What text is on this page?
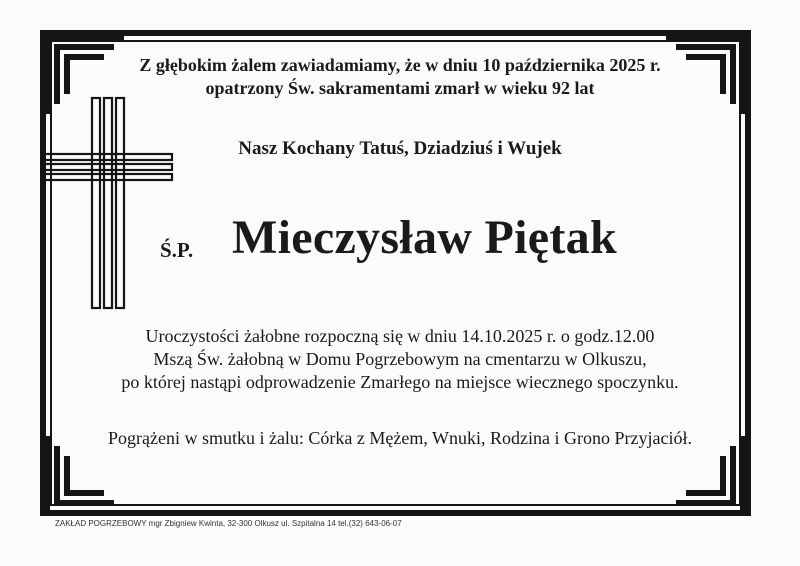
Z głębokim żalem zawiadamiamy, że w dniu 10 października 2025 r.
opatrzony Św. sakramentami zmarł w wieku 92 lat
Nasz Kochany Tatuś, Dziadziuś i Wujek
Ś.P. Mieczysław Piętak
Uroczystości żałobne rozpoczną się w dniu 14.10.2025 r. o godz.12.00
Mszą Św. żałobną w Domu Pogrzebowym na cmentarzu w Olkuszu,
po której nastąpi odprowadzenie Zmarłego na miejsce wiecznego spoczynku.
Pogrążeni w smutku i żalu: Córka z Mężem, Wnuki, Rodzina i Grono Przyjaciół.
ZAKŁAD POGRZEBOWY mgr Zbigniew Kwinta, 32-300 Olkusz ul. Szpitalna 14 tel.(32) 643-06-07
